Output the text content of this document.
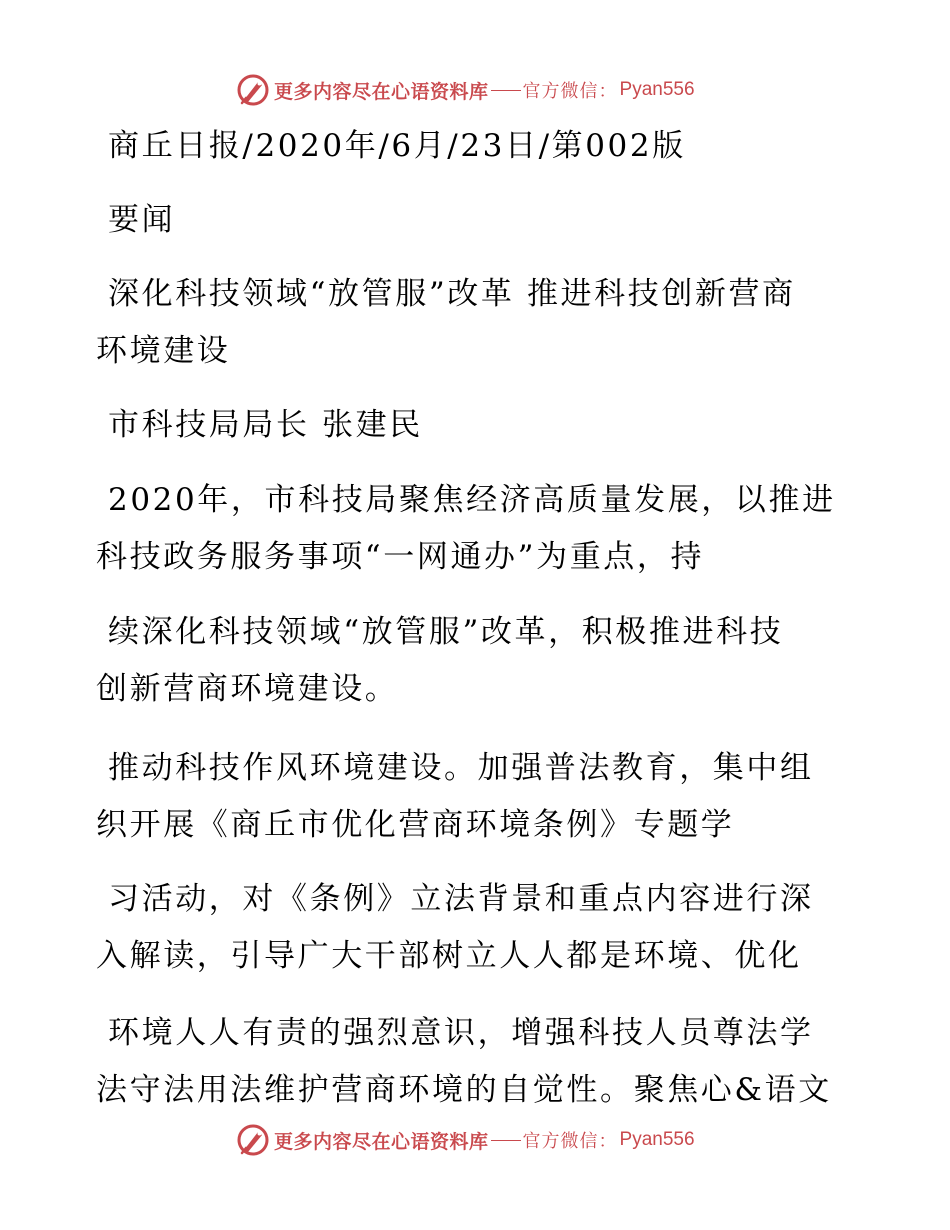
更多内容尽在心语资料库 官方微信： Pyan556
商丘日报/2020年/6月/23日/第002版
要闻
深化科技领域“放管服”改革 推进科技创新营商
环境建设
市科技局局长 张建民
2020年，市科技局聚焦经济高质量发展，以推进
科技政务服务事项“一网通办”为重点，持
续深化科技领域“放管服”改革，积极推进科技
创新营商环境建设。
推动科技作风环境建设。加强普法教育，集中组
织开展《商丘市优化营商环境条例》专题学
习活动，对《条例》立法背景和重点内容进行深
入解读，引导广大干部树立人人都是环境、优化
环境人人有责的强烈意识，增强科技人员尊法学
法守法用法维护营商环境的自觉性。聚焦心&语文
更多内容尽在心语资料库 官方微信： Pyan556
